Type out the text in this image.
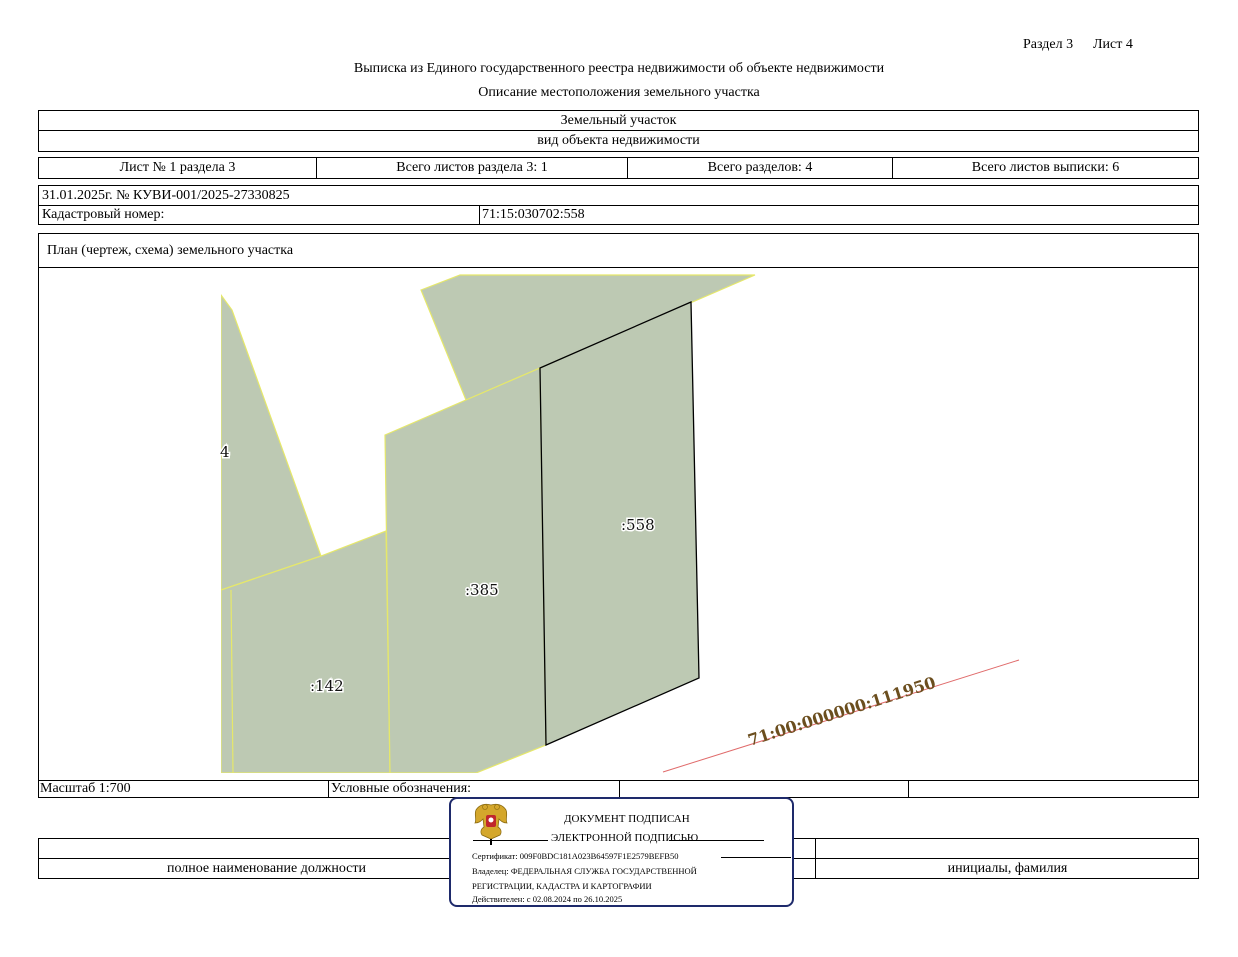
Раздел 3 Лист 4
Выписка из Единого государственного реестра недвижимости об объекте недвижимости
Описание местоположения земельного участка
Земельный участок
вид объекта недвижимости
Лист № 1 раздела 3	Всего листов раздела 3: 1	Всего разделов: 4	Всего листов выписки: 6
31.01.2025г. № КУВИ-001/2025-27330825
Кадастровый номер:	71:15:030702:558
План (чертеж, схема) земельного участка
:558
:385
:142
4
71:00:000000:111950
Масштаб 1:700	Условные обозначения:
полное наименование должности	инициалы, фамилия
ДОКУМЕНТ ПОДПИСАН
ЭЛЕКТРОННОЙ ПОДПИСЬЮ
Сертификат: 009F0BDC181A023B64597F1E2579BEFB50
Владелец: ФЕДЕРАЛЬНАЯ СЛУЖБА ГОСУДАРСТВЕННОЙ
РЕГИСТРАЦИИ, КАДАСТРА И КАРТОГРАФИИ
Действителен: с 02.08.2024 по 26.10.2025
